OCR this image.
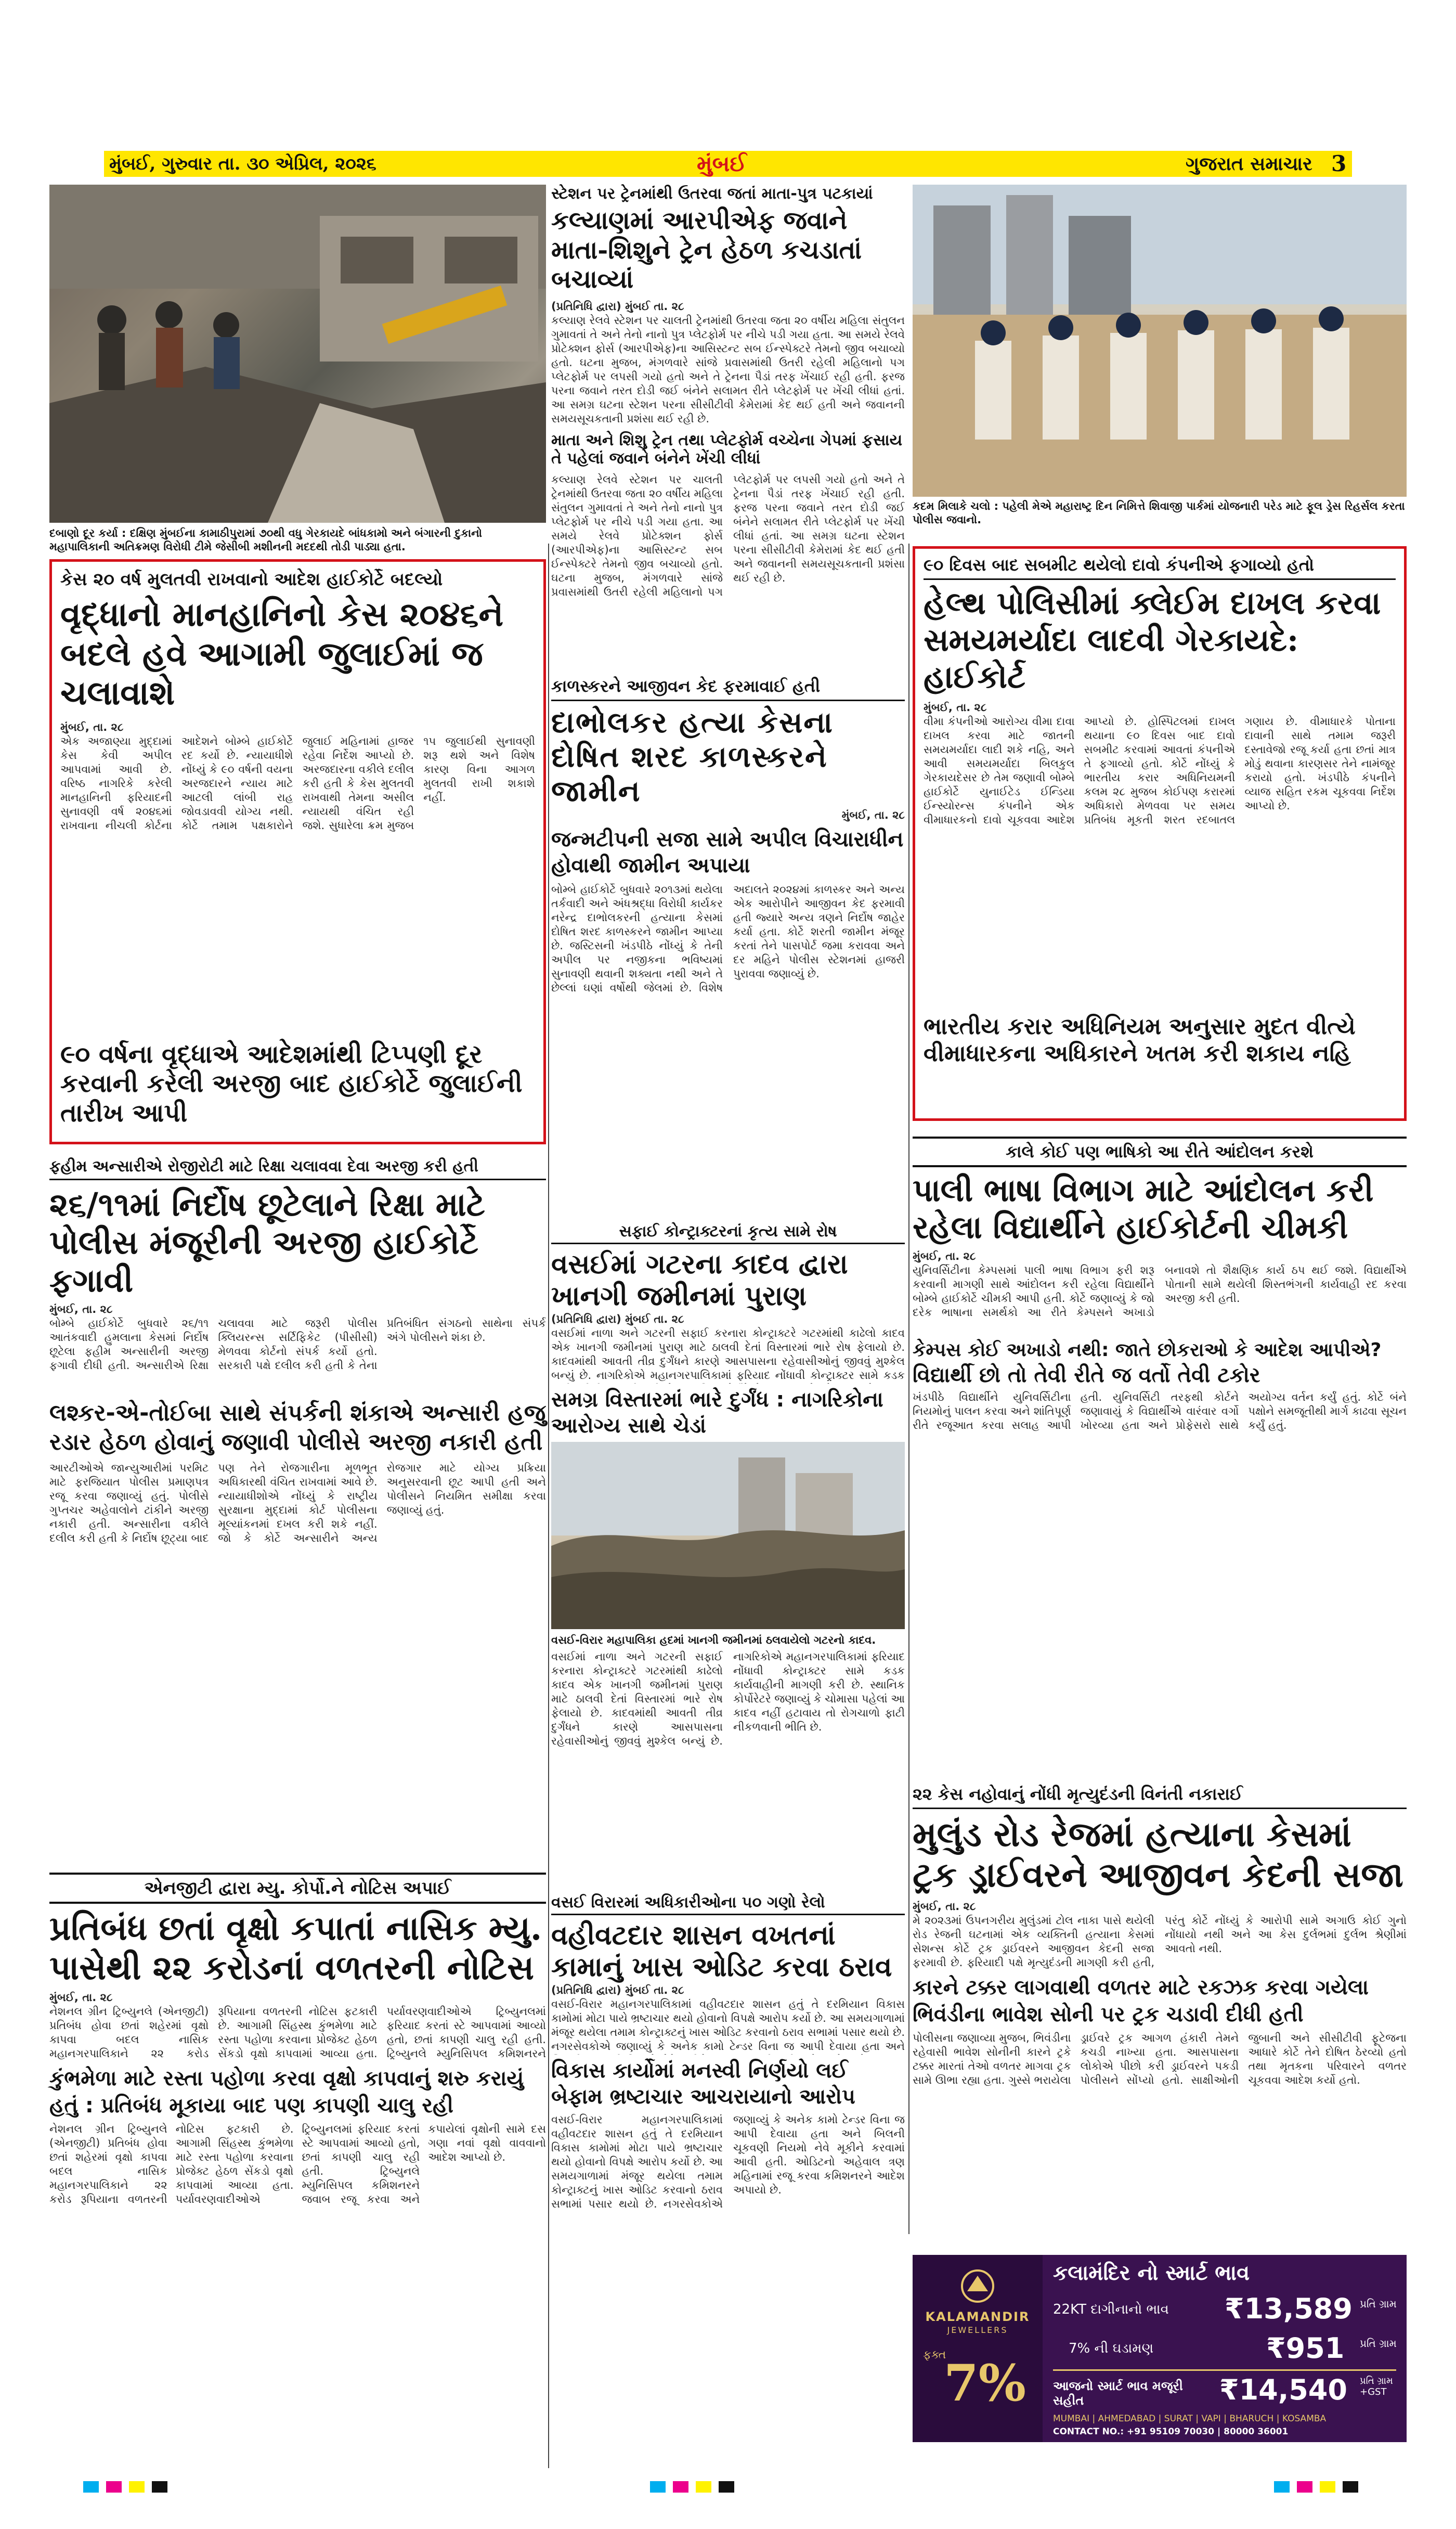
મુંબઈ, ગુરુવાર તા. ૩૦ એપ્રિલ, ૨૦૨૬	મુંબઈ	ગુજરાત સમાચાર 3
દબાણો દૂર કર્યા : દક્ષિણ મુંબઈના કામાઠીપુરામાં ૭૦થી વધુ ગેરકાયદે બાંધકામો અને બંગારની દુકાનો મહાપાલિકાની અતિક્રમણ વિરોધી ટીમે જેસીબી મશીનની મદદથી તોડી પાડ્યા હતા.
સ્ટેશન પર ટ્રેનમાંથી ઉતરવા જતાં માતા-પુત્ર પટકાયાં
કલ્યાણમાં આરપીએફ જવાને માતા-શિશુને ટ્રેન હેઠળ કચડાતાં બચાવ્યાં
(પ્રતિનિધિ દ્વારા) મુંબઈ તા. ૨૮
કલ્યાણ રેલવે સ્ટેશન પર ચાલતી ટ્રેનમાંથી ઉતરવા જતા ૨૦ વર્ષીય મહિલા સંતુલન ગુમાવતાં તે અને તેનો નાનો પુત્ર પ્લેટફોર્મ પર નીચે પડી ગયા હતા. આ સમયે રેલવે પ્રોટેક્શન ફોર્સ (આરપીએફ)ના આસિસ્ટન્ટ સબ ઈન્સ્પેક્ટરે તેમનો જીવ બચાવ્યો હતો. ઘટના મુજબ, મંગળવારે સાંજે પ્રવાસમાંથી ઉતરી રહેલી મહિલાનો પગ પ્લેટફોર્મ પર લપસી ગયો હતો અને તે ટ્રેનના પૈડાં તરફ ખેંચાઈ રહી હતી. ફરજ પરના જવાને તરત દોડી જઈ બંનેને સલામત રીતે પ્લેટફોર્મ પર ખેંચી લીધાં હતાં. આ સમગ્ર ઘટના સ્ટેશન પરના સીસીટીવી કેમેરામાં કેદ થઈ હતી અને જવાનની સમયસૂચકતાની પ્રશંસા થઈ રહી છે.
માતા અને શિશુ ટ્રેન તથા પ્લેટફોર્મ વચ્ચેના ગેપમાં ફસાય તે પહેલાં જવાને બંનેને ખેંચી લીધાં
કલ્યાણ રેલવે સ્ટેશન પર ચાલતી ટ્રેનમાંથી ઉતરવા જતા ૨૦ વર્ષીય મહિલા સંતુલન ગુમાવતાં તે અને તેનો નાનો પુત્ર પ્લેટફોર્મ પર નીચે પડી ગયા હતા. આ સમયે રેલવે પ્રોટેક્શન ફોર્સ (આરપીએફ)ના આસિસ્ટન્ટ સબ ઈન્સ્પેક્ટરે તેમનો જીવ બચાવ્યો હતો. ઘટના મુજબ, મંગળવારે સાંજે પ્રવાસમાંથી ઉતરી રહેલી મહિલાનો પગ પ્લેટફોર્મ પર લપસી ગયો હતો અને તે ટ્રેનના પૈડાં તરફ ખેંચાઈ રહી હતી. ફરજ પરના જવાને તરત દોડી જઈ બંનેને સલામત રીતે પ્લેટફોર્મ પર ખેંચી લીધાં હતાં. આ સમગ્ર ઘટના સ્ટેશન પરના સીસીટીવી કેમેરામાં કેદ થઈ હતી અને જવાનની સમયસૂચકતાની પ્રશંસા થઈ રહી છે.
કદમ મિલાકે ચલો : પહેલી મેએ મહારાષ્ટ્ર દિન નિમિત્તે શિવાજી પાર્કમાં યોજનારી પરેડ માટે ફૂલ ડ્રેસ રિહર્સલ કરતા પોલીસ જવાનો.
કેસ ૨૦ વર્ષ મુલતવી રાખવાનો આદેશ હાઈકોર્ટે બદલ્યો
વૃદ્ધાનો માનહાનિનો કેસ ૨૦૪૬ને બદલે હવે આગામી જુલાઈમાં જ ચલાવાશે
મુંબઈ, તા. ૨૮
એક અજાણ્યા મુદ્દામાં કેસ કેવી અપીલ આપવામાં આવી છે. વરિષ્ઠ નાગરિકે કરેલી માનહાનિની ફરિયાદની સુનાવણી વર્ષ ૨૦૪૬માં રાખવાના નીચલી કોર્ટના આદેશને બોમ્બે હાઈકોર્ટે રદ કર્યો છે. ન્યાયાધીશે નોંધ્યું કે ૯૦ વર્ષની વયના અરજદારને ન્યાય માટે આટલી લાંબી રાહ જોવડાવવી યોગ્ય નથી. કોર્ટે તમામ પક્ષકારોને જુલાઈ મહિનામાં હાજર રહેવા નિર્દેશ આપ્યો છે. અરજદારના વકીલે દલીલ કરી હતી કે કેસ મુલતવી રાખવાથી તેમના અસીલ ન્યાયથી વંચિત રહી જશે. સુધારેલા ક્રમ મુજબ ૧૫ જુલાઈથી સુનાવણી શરૂ થશે અને વિશેષ કારણ વિના આગળ મુલતવી રાખી શકાશે નહીં.
૯૦ વર્ષના વૃદ્ધાએ આદેશમાંથી ટિપ્પણી દૂર કરવાની કરેલી અરજી બાદ હાઈકોર્ટે જુલાઈની તારીખ આપી
કાળસ્કરને આજીવન કેદ ફરમાવાઈ હતી
દાભોલકર હત્યા કેસના દોષિત શરદ કાળસ્કરને જામીન
મુંબઈ, તા. ૨૮
જન્મટીપની સજા સામે અપીલ વિચારાધીન હોવાથી જામીન અપાયા
બોમ્બે હાઈકોર્ટે બુધવારે ૨૦૧૩માં થયેલા તર્કવાદી અને અંધશ્રદ્ધા વિરોધી કાર્યકર નરેન્દ્ર દાભોલકરની હત્યાના કેસમાં દોષિત શરદ કાળસ્કરને જામીન આપ્યા છે. જસ્ટિસની ખંડપીઠે નોંધ્યું કે તેની અપીલ પર નજીકના ભવિષ્યમાં સુનાવણી થવાની શક્યતા નથી અને તે છેલ્લાં ઘણાં વર્ષોથી જેલમાં છે. વિશેષ અદાલતે ૨૦૨૪માં કાળસ્કર અને અન્ય એક આરોપીને આજીવન કેદ ફરમાવી હતી જ્યારે અન્ય ત્રણને નિર્દોષ જાહેર કર્યા હતા. કોર્ટે શરતી જામીન મંજૂર કરતાં તેને પાસપોર્ટ જમા કરાવવા અને દર મહિને પોલીસ સ્ટેશનમાં હાજરી પુરાવવા જણાવ્યું છે.
૯૦ દિવસ બાદ સબમીટ થયેલો દાવો કંપનીએ ફગાવ્યો હતો
હેલ્થ પોલિસીમાં ક્લેઈમ દાખલ કરવા સમયમર્યાદા લાદવી ગેરકાયદે: હાઈકોર્ટ
મુંબઈ, તા. ૨૮
વીમા કંપનીઓ આરોગ્ય વીમા દાવા દાખલ કરવા માટે જાતની સમયમર્યાદા લાદી શકે નહિ, અને આવી સમયમર્યાદા બિલકુલ ગેરકાયદેસર છે તેમ જણાવી બોમ્બે હાઈકોર્ટે યુનાઈટેડ ઈન્ડિયા ઈન્સ્યોરન્સ કંપનીને એક વીમાધારકનો દાવો ચૂકવવા આદેશ આપ્યો છે. હોસ્પિટલમાં દાખલ થયાના ૯૦ દિવસ બાદ દાવો સબમીટ કરવામાં આવતાં કંપનીએ તે ફગાવ્યો હતો. કોર્ટે નોંધ્યું કે ભારતીય કરાર અધિનિયમની કલમ ૨૮ મુજબ કોઈપણ કરારમાં અધિકારો મેળવવા પર સમય પ્રતિબંધ મૂકતી શરત રદબાતલ ગણાય છે. વીમાધારકે પોતાના દાવાની સાથે તમામ જરૂરી દસ્તાવેજો રજૂ કર્યા હતા છતાં માત્ર મોડું થવાના કારણસર તેને નામંજૂર કરાયો હતો. ખંડપીઠે કંપનીને વ્યાજ સહિત રકમ ચૂકવવા નિર્દેશ આપ્યો છે.
ભારતીય કરાર અધિનિયમ અનુસાર મુદત વીત્યે વીમાધારકના અધિકારને ખતમ કરી શકાય નહિ
કાલે કોઈ પણ ભાષિકો આ રીતે આંદોલન કરશે
પાલી ભાષા વિભાગ માટે આંદોલન કરી રહેલા વિદ્યાર્થીને હાઈકોર્ટની ચીમકી
મુંબઈ, તા. ૨૮
યુનિવર્સિટીના કેમ્પસમાં પાલી ભાષા વિભાગ ફરી શરૂ કરવાની માગણી સાથે આંદોલન કરી રહેલા વિદ્યાર્થીને બોમ્બે હાઈકોર્ટે ચીમકી આપી હતી. કોર્ટે જણાવ્યું કે જો દરેક ભાષાના સમર્થકો આ રીતે કેમ્પસને અખાડો બનાવશે તો શૈક્ષણિક કાર્ય ઠપ થઈ જશે. વિદ્યાર્થીએ પોતાની સામે થયેલી શિસ્તભંગની કાર્યવાહી રદ કરવા અરજી કરી હતી.
કેમ્પસ કોઈ અખાડો નથી: જાતે છોકરાઓ કે આદેશ આપીએ?
વિદ્યાર્થી છો તો તેવી રીતે જ વર્તો તેવી ટકોર
ખંડપીઠે વિદ્યાર્થીને યુનિવર્સિટીના નિયમોનું પાલન કરવા અને શાંતિપૂર્ણ રીતે રજૂઆત કરવા સલાહ આપી હતી. યુનિવર્સિટી તરફથી કોર્ટને જણાવાયું કે વિદ્યાર્થીએ વારંવાર વર્ગો ખોરવ્યા હતા અને પ્રોફેસરો સાથે અયોગ્ય વર્તન કર્યું હતું. કોર્ટે બંને પક્ષોને સમજૂતીથી માર્ગ કાઢવા સૂચન કર્યું હતું.
ફહીમ અન્સારીએ રોજીરોટી માટે રિક્ષા ચલાવવા દેવા અરજી કરી હતી
૨૬/૧૧માં નિર્દોષ છૂટેલાને રિક્ષા માટે પોલીસ મંજૂરીની અરજી હાઈકોર્ટે ફગાવી
મુંબઈ, તા. ૨૮
બોમ્બે હાઈકોર્ટે બુધવારે ૨૬/૧૧ આતંકવાદી હુમલાના કેસમાં નિર્દોષ છૂટેલા ફહીમ અન્સારીની અરજી ફગાવી દીધી હતી. અન્સારીએ રિક્ષા ચલાવવા માટે જરૂરી પોલીસ ક્લિયરન્સ સર્ટિફિકેટ (પીસીસી) મેળવવા કોર્ટનો સંપર્ક કર્યો હતો. સરકારી પક્ષે દલીલ કરી હતી કે તેના પ્રતિબંધિત સંગઠનો સાથેના સંપર્ક અંગે પોલીસને શંકા છે.
લશ્કર-એ-તોઈબા સાથે સંપર્કની શંકાએ અન્સારી હજુ રડાર હેઠળ હોવાનું જણાવી પોલીસે અરજી નકારી હતી
આરટીઓએ જાન્યુઆરીમાં પરમિટ માટે ફરજિયાત પોલીસ પ્રમાણપત્ર રજૂ કરવા જણાવ્યું હતું. પોલીસે ગુપ્તચર અહેવાલોને ટાંકીને અરજી નકારી હતી. અન્સારીના વકીલે દલીલ કરી હતી કે નિર્દોષ છૂટ્યા બાદ પણ તેને રોજગારીના મૂળભૂત અધિકારથી વંચિત રાખવામાં આવે છે. ન્યાયાધીશોએ નોંધ્યું કે રાષ્ટ્રીય સુરક્ષાના મુદ્દામાં કોર્ટ પોલીસના મૂલ્યાંકનમાં દખલ કરી શકે નહીં. જો કે કોર્ટે અન્સારીને અન્ય રોજગાર માટે યોગ્ય પ્રક્રિયા અનુસરવાની છૂટ આપી હતી અને પોલીસને નિયમિત સમીક્ષા કરવા જણાવ્યું હતું.
સફાઈ કોન્ટ્રાક્ટરનાં કૃત્ય સામે રોષ
વસઈમાં ગટરના કાદવ દ્વારા ખાનગી જમીનમાં પુરાણ
(પ્રતિનિધિ દ્વારા) મુંબઈ તા. ૨૮
વસઈમાં નાળા અને ગટરની સફાઈ કરનારા કોન્ટ્રાક્ટરે ગટરમાંથી કાઢેલો કાદવ એક ખાનગી જમીનમાં પુરાણ માટે ઠાલવી દેતાં વિસ્તારમાં ભારે રોષ ફેલાયો છે. કાદવમાંથી આવતી તીવ્ર દુર્ગંધને કારણે આસપાસના રહેવાસીઓનું જીવવું મુશ્કેલ બન્યું છે. નાગરિકોએ મહાનગરપાલિકામાં ફરિયાદ નોંધાવી કોન્ટ્રાક્ટર સામે કડક
સમગ્ર વિસ્તારમાં ભારે દુર્ગંધ : નાગરિકોના આરોગ્ય સાથે ચેડાં
વસઈ-વિરાર મહાપાલિકા હદમાં ખાનગી જમીનમાં ઠલવાયેલો ગટરનો કાદવ.
વસઈમાં નાળા અને ગટરની સફાઈ કરનારા કોન્ટ્રાક્ટરે ગટરમાંથી કાઢેલો કાદવ એક ખાનગી જમીનમાં પુરાણ માટે ઠાલવી દેતાં વિસ્તારમાં ભારે રોષ ફેલાયો છે. કાદવમાંથી આવતી તીવ્ર દુર્ગંધને કારણે આસપાસના રહેવાસીઓનું જીવવું મુશ્કેલ બન્યું છે. નાગરિકોએ મહાનગરપાલિકામાં ફરિયાદ નોંધાવી કોન્ટ્રાક્ટર સામે કડક કાર્યવાહીની માગણી કરી છે. સ્થાનિક કોર્પોરેટરે જણાવ્યું કે ચોમાસા પહેલાં આ કાદવ નહીં હટાવાય તો રોગચાળો ફાટી નીકળવાની ભીતિ છે.
૨૨ કેસ નહોવાનું નોંધી મૃત્યુદંડની વિનંતી નકારાઈ
મુલુંડ રોડ રેજમાં હત્યાના કેસમાં ટ્રક ડ્રાઈવરને આજીવન કેદની સજા
મુંબઈ, તા. ૨૮
મે ૨૦૨૩માં ઉપનગરીય મુલુંડમાં ટોલ નાકા પાસે થયેલી રોડ રેજની ઘટનામાં એક વ્યક્તિની હત્યાના કેસમાં સેશન્સ કોર્ટે ટ્રક ડ્રાઈવરને આજીવન કેદની સજા ફરમાવી છે. ફરિયાદી પક્ષે મૃત્યુદંડની માગણી કરી હતી, પરંતુ કોર્ટે નોંધ્યું કે આરોપી સામે અગાઉ કોઈ ગુનો નોંધાયો નથી અને આ કેસ દુર્લભમાં દુર્લભ શ્રેણીમાં આવતો નથી.
કારને ટક્કર લાગવાથી વળતર માટે રકઝક કરવા ગયેલા ભિવંડીના ભાવેશ સોની પર ટ્રક ચડાવી દીધી હતી
પોલીસના જણાવ્યા મુજબ, ભિવંડીના રહેવાસી ભાવેશ સોનીની કારને ટ્રકે ટક્કર મારતાં તેઓ વળતર માગવા ટ્રક સામે ઊભા રહ્યા હતા. ગુસ્સે ભરાયેલા ડ્રાઈવરે ટ્રક આગળ હંકારી તેમને કચડી નાખ્યા હતા. આસપાસના લોકોએ પીછો કરી ડ્રાઈવરને પકડી પોલીસને સોંપ્યો હતો. સાક્ષીઓની જુબાની અને સીસીટીવી ફૂટેજના આધારે કોર્ટે તેને દોષિત ઠેરવ્યો હતો તથા મૃતકના પરિવારને વળતર ચૂકવવા આદેશ કર્યો હતો.
વસઈ વિરારમાં અધિકારીઓના ૫૦ ગણો રેલો
વહીવટદાર શાસન વખતનાં કામાનું ખાસ ઓડિટ કરવા ઠરાવ
(પ્રતિનિધિ દ્વારા) મુંબઈ તા. ૨૮
વસઈ-વિરાર મહાનગરપાલિકામાં વહીવટદાર શાસન હતું તે દરમિયાન વિકાસ કામોમાં મોટા પાયે ભ્રષ્ટાચાર થયો હોવાનો વિપક્ષે આરોપ કર્યો છે. આ સમયગાળામાં મંજૂર થયેલા તમામ કોન્ટ્રાક્ટનું ખાસ ઓડિટ કરવાનો ઠરાવ સભામાં પસાર થયો છે. નગરસેવકોએ જણાવ્યું કે અનેક કામો ટેન્ડર વિના જ આપી દેવાયા હતા અને
વિકાસ કાર્યોમાં મનસ્વી નિર્ણયો લઈ બેફામ ભ્રષ્ટાચાર આચરાયાનો આરોપ
વસઈ-વિરાર મહાનગરપાલિકામાં વહીવટદાર શાસન હતું તે દરમિયાન વિકાસ કામોમાં મોટા પાયે ભ્રષ્ટાચાર થયો હોવાનો વિપક્ષે આરોપ કર્યો છે. આ સમયગાળામાં મંજૂર થયેલા તમામ કોન્ટ્રાક્ટનું ખાસ ઓડિટ કરવાનો ઠરાવ સભામાં પસાર થયો છે. નગરસેવકોએ જણાવ્યું કે અનેક કામો ટેન્ડર વિના જ આપી દેવાયા હતા અને બિલની ચૂકવણી નિયમો નેવે મૂકીને કરવામાં આવી હતી. ઓડિટનો અહેવાલ ત્રણ મહિનામાં રજૂ કરવા કમિશનરને આદેશ અપાયો છે.
એનજીટી દ્વારા મ્યુ. કોર્પો.ને નોટિસ અપાઈ
પ્રતિબંધ છતાં વૃક્ષો કપાતાં નાસિક મ્યુ. પાસેથી ૨૨ કરોડનાં વળતરની નોટિસ
મુંબઈ, તા. ૨૮
નેશનલ ગ્રીન ટ્રિબ્યુનલે (એનજીટી) પ્રતિબંધ હોવા છતાં શહેરમાં વૃક્ષો કાપવા બદલ નાસિક મહાનગરપાલિકાને ૨૨ કરોડ રૂપિયાના વળતરની નોટિસ ફટકારી છે. આગામી સિંહસ્થ કુંભમેળા માટે રસ્તા પહોળા કરવાના પ્રોજેક્ટ હેઠળ સેંકડો વૃક્ષો કાપવામાં આવ્યા હતા. પર્યાવરણવાદીઓએ ટ્રિબ્યુનલમાં ફરિયાદ કરતાં સ્ટે આપવામાં આવ્યો હતો, છતાં કાપણી ચાલુ રહી હતી. ટ્રિબ્યુનલે મ્યુનિસિપલ કમિશનરને
કુંભમેળા માટે રસ્તા પહોળા કરવા વૃક્ષો કાપવાનું શરુ કરાયું હતું : પ્રતિબંધ મૂકાયા બાદ પણ કાપણી ચાલુ રહી
નેશનલ ગ્રીન ટ્રિબ્યુનલે (એનજીટી) પ્રતિબંધ હોવા છતાં શહેરમાં વૃક્ષો કાપવા બદલ નાસિક મહાનગરપાલિકાને ૨૨ કરોડ રૂપિયાના વળતરની નોટિસ ફટકારી છે. આગામી સિંહસ્થ કુંભમેળા માટે રસ્તા પહોળા કરવાના પ્રોજેક્ટ હેઠળ સેંકડો વૃક્ષો કાપવામાં આવ્યા હતા. પર્યાવરણવાદીઓએ ટ્રિબ્યુનલમાં ફરિયાદ કરતાં સ્ટે આપવામાં આવ્યો હતો, છતાં કાપણી ચાલુ રહી હતી. ટ્રિબ્યુનલે મ્યુનિસિપલ કમિશનરને જવાબ રજૂ કરવા અને કપાયેલાં વૃક્ષોની સામે દસ ગણા નવાં વૃક્ષો વાવવાનો આદેશ આપ્યો છે.
KALAMANDIR
JEWELLERS
ફક્ત
7%
કલામંદિર નો સ્માર્ટ ભાવ
22KT દાગીનાનો ભાવ ₹13,589 પ્રતિ ગ્રામ
7% ની ઘડામણ	₹951 પ્રતિ ગ્રામ
આજનો સ્માર્ટ ભાવ મજૂરી સહીત	₹14,540 પ્રતિ ગ્રામ +GST
MUMBAI | AHMEDABAD | SURAT | VAPI | BHARUCH | KOSAMBA
CONTACT NO.: +91 95109 70030 | 80000 36001
